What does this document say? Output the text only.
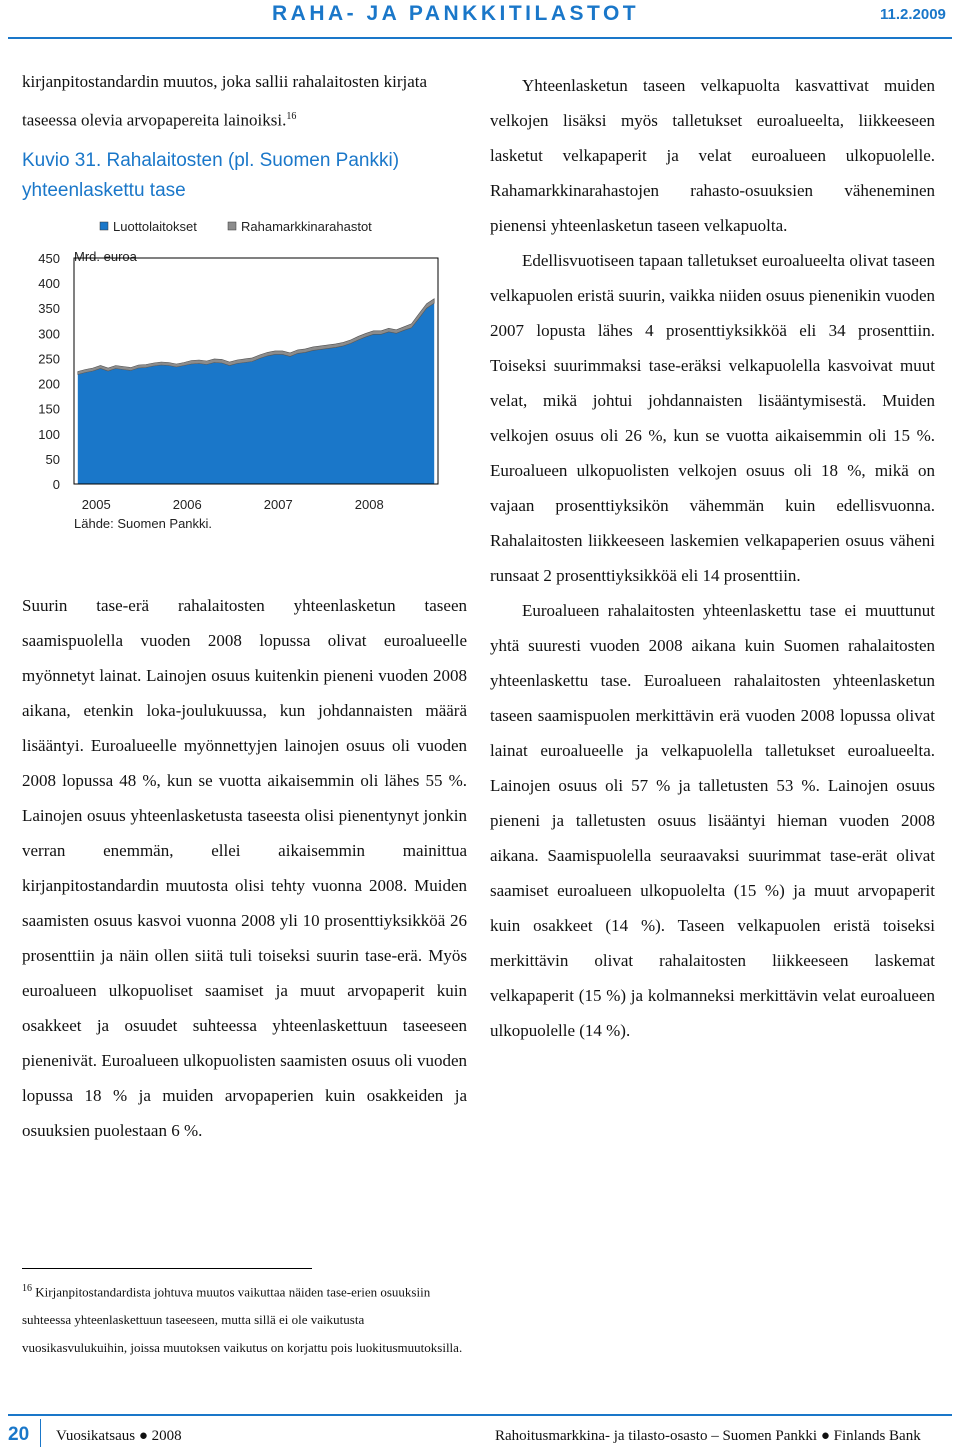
RAHA- JA PANKKITILASTOT	11.2.2009
kirjanpitostandardin muutos, joka sallii rahalaitosten kirjata taseessa olevia arvopapereita lainoiksi.$^{16}$
Kuvio 31. Rahalaitosten (pl. Suomen Pankki) yhteenlaskettu tase
Luottolaitokset	Rahamarkkinarahastot
Mrd. euroa
0
50
100
150
200
250
300
350
400
450
2005	2006	2007	2008
Lähde: Suomen Pankki.

Suurin tase-erä rahalaitosten yhteenlasketun taseen saamispuolella vuoden 2008 lopussa olivat euroalueelle myönnetyt lainat. Lainojen osuus kuitenkin pieneni vuoden 2008 aikana, etenkin loka-joulukuussa, kun johdannaisten määrä lisääntyi. Euroalueelle myönnettyjen lainojen osuus oli vuoden 2008 lopussa 48 %, kun se vuotta aikaisemmin oli lähes 55 %. Lainojen osuus yhteenlasketusta taseesta olisi pienentynyt jonkin verran enemmän, ellei aikaisemmin mainittua kirjanpitostandardin muutosta olisi tehty vuonna 2008. Muiden saamisten osuus kasvoi vuonna 2008 yli 10 prosenttiyksikköä 26 prosenttiin ja näin ollen siitä tuli toiseksi suurin tase-erä. Myös euroalueen ulkopuoliset saamiset ja muut arvopaperit kuin osakkeet ja osuudet suhteessa yhteenlaskettuun taseeseen pienenivät. Euroalueen ulkopuolisten saamisten osuus oli vuoden lopussa 18 % ja muiden arvopaperien kuin osakkeiden ja osuuksien puolestaan 6 %.

Yhteenlasketun taseen velkapuolta kasvattivat muiden velkojen lisäksi myös talletukset euroalueelta, liikkeeseen lasketut velkapaperit ja velat euroalueen ulkopuolelle. Rahamarkkinarahastojen rahasto-osuuksien väheneminen pienensi yhteenlasketun taseen velkapuolta.

Edellisvuotiseen tapaan talletukset euroalueelta olivat taseen velkapuolen eristä suurin, vaikka niiden osuus pienenikin vuoden 2007 lopusta lähes 4 prosenttiyksikköä eli 34 prosenttiin. Toiseksi suurimmaksi tase-eräksi velkapuolella kasvoivat muut velat, mikä johtui johdannaisten lisääntymisestä. Muiden velkojen osuus oli 26 %, kun se vuotta aikaisemmin oli 15 %. Euroalueen ulkopuolisten velkojen osuus oli 18 %, mikä on vajaan prosenttiyksikön vähemmän kuin edellisvuonna. Rahalaitosten liikkeeseen laskemien velkapaperien osuus väheni runsaat 2 prosenttiyksikköä eli 14 prosenttiin.

Euroalueen rahalaitosten yhteenlaskettu tase ei muuttunut yhtä suuresti vuoden 2008 aikana kuin Suomen rahalaitosten yhteenlaskettu tase. Euroalueen rahalaitosten yhteenlasketun taseen saamispuolen merkittävin erä vuoden 2008 lopussa olivat lainat euroalueelle ja velkapuolella talletukset euroalueelta. Lainojen osuus oli 57 % ja talletusten 53 %. Lainojen osuus pieneni ja talletusten osuus lisääntyi hieman vuoden 2008 aikana. Saamispuolella seuraavaksi suurimmat tase-erät olivat saamiset euroalueen ulkopuolelta (15 %) ja muut arvopaperit kuin osakkeet (14 %). Taseen velkapuolen eristä toiseksi merkittävin olivat rahalaitosten liikkeeseen laskemat velkapaperit (15 %) ja kolmanneksi merkittävin velat euroalueen ulkopuolelle (14 %).

$^{16}$ Kirjanpitostandardista johtuva muutos vaikuttaa näiden tase-erien osuuksiin suhteessa yhteenlaskettuun taseeseen, mutta sillä ei ole vaikutusta vuosikasvulukuihin, joissa muutoksen vaikutus on korjattu pois luokitusmuutoksilla.
20 Vuosikatsaus ● 2008	Rahoitusmarkkina- ja tilasto-osasto – Suomen Pankki ● Finlands Bank
